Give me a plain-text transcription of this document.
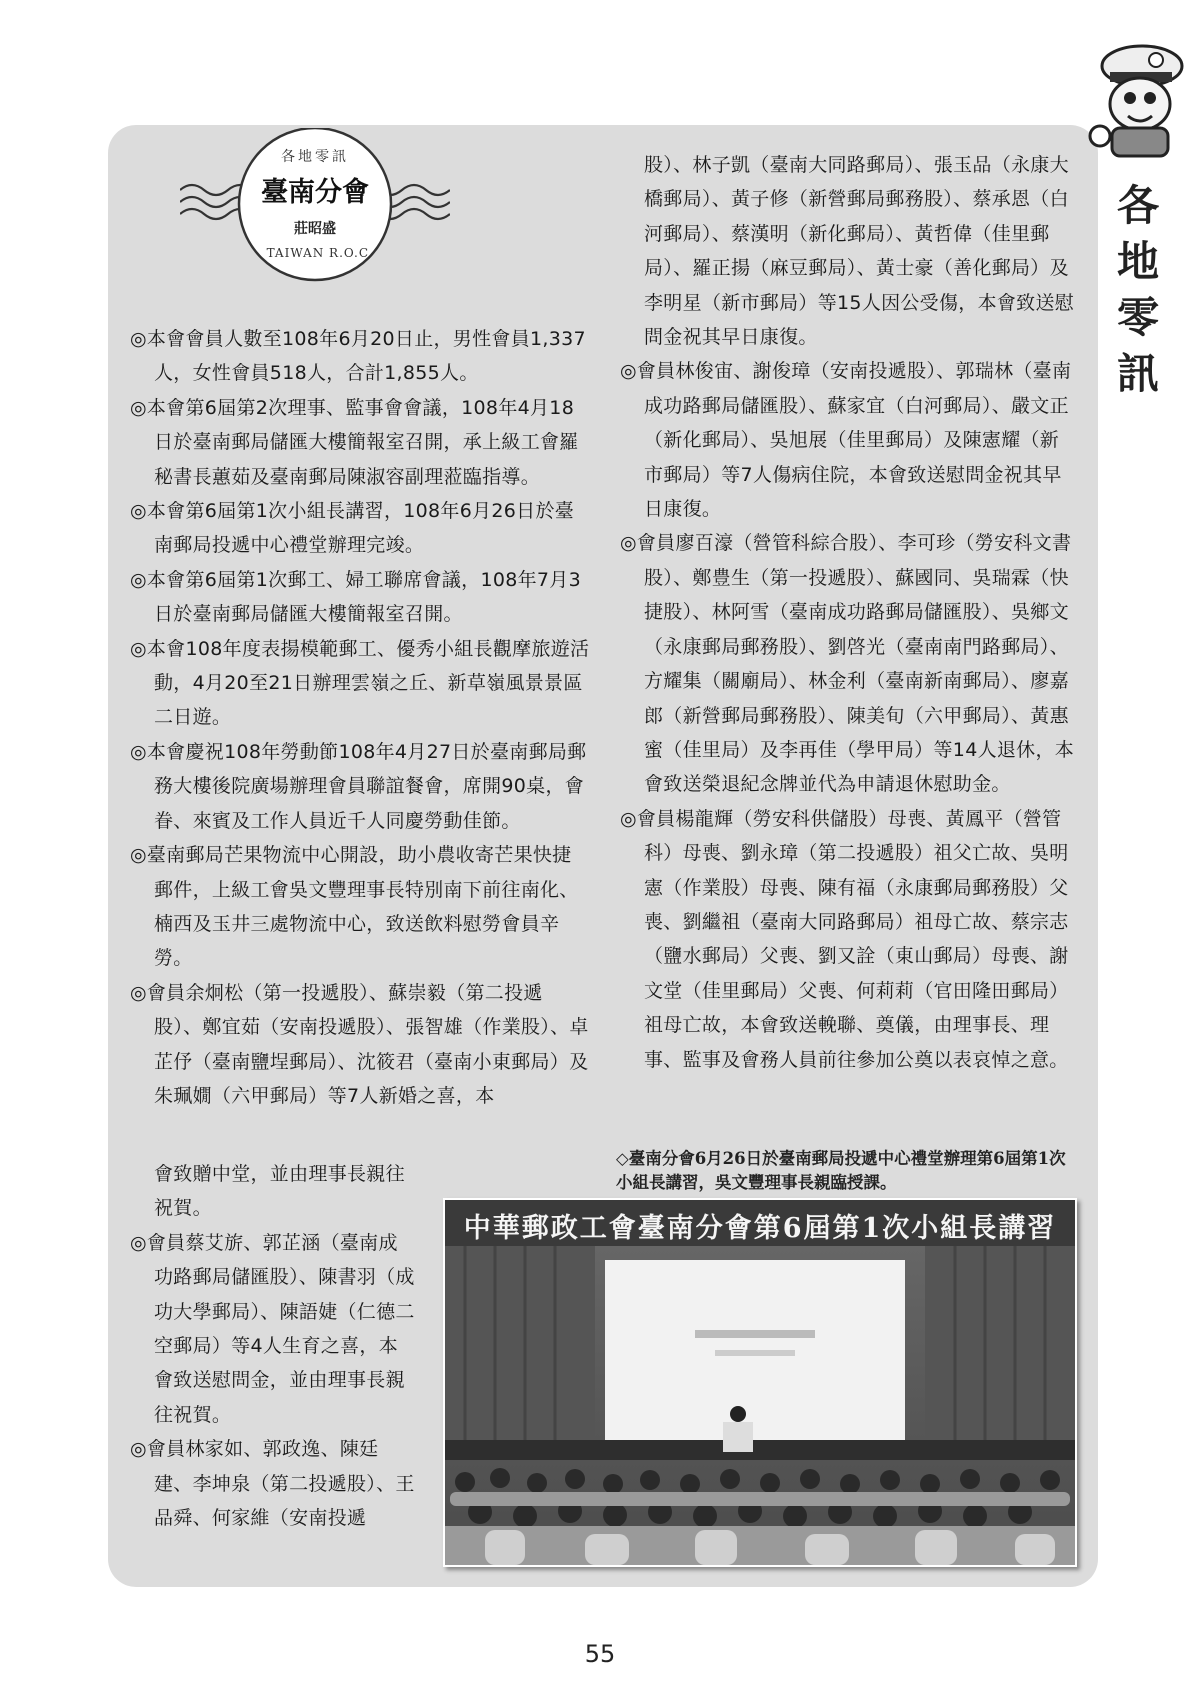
各
地
零
訊
各地零訊
臺南分會
莊昭盛
TAIWAN R.O.C.

◎本會會員人數至108年6月20日止，男性會員1,337人，女性會員518人，合計1,855人。

◎本會第6屆第2次理事、監事會會議，108年4月18日於臺南郵局儲匯大樓簡報室召開，承上級工會羅秘書長蕙茹及臺南郵局陳淑容副理蒞臨指導。

◎本會第6屆第1次小組長講習，108年6月26日於臺南郵局投遞中心禮堂辦理完竣。

◎本會第6屆第1次郵工、婦工聯席會議，108年7月3日於臺南郵局儲匯大樓簡報室召開。

◎本會108年度表揚模範郵工、優秀小組長觀摩旅遊活動，4月20至21日辦理雲嶺之丘、新草嶺風景景區二日遊。

◎本會慶祝108年勞動節108年4月27日於臺南郵局郵務大樓後院廣場辦理會員聯誼餐會，席開90桌，會眷、來賓及工作人員近千人同慶勞動佳節。

◎臺南郵局芒果物流中心開設，助小農收寄芒果快捷郵件，上級工會吳文豐理事長特別南下前往南化、楠西及玉井三處物流中心，致送飲料慰勞會員辛勞。

◎會員余炯松（第一投遞股）、蘇崇毅（第二投遞股）、鄭宜茹（安南投遞股）、張智雄（作業股）、卓芷伃（臺南鹽埕郵局）、沈筱君（臺南小東郵局）及朱珮嫺（六甲郵局）等7人新婚之喜，本

會致贈中堂，並由理事長親往祝賀。

◎會員蔡艾旂、郭芷涵（臺南成功路郵局儲匯股）、陳書羽（成功大學郵局）、陳語婕（仁德二空郵局）等4人生育之喜，本會致送慰問金，並由理事長親往祝賀。

◎會員林家如、郭政逸、陳廷建、李坤泉（第二投遞股）、王品舜、何家維（安南投遞

股）、林子凱（臺南大同路郵局）、張玉品（永康大橋郵局）、黃子修（新營郵局郵務股）、蔡承恩（白河郵局）、蔡漢明（新化郵局）、黃哲偉（佳里郵局）、羅正揚（麻豆郵局）、黃士豪（善化郵局）及李明星（新市郵局）等15人因公受傷，本會致送慰問金祝其早日康復。

◎會員林俊宙、謝俊璋（安南投遞股）、郭瑞林（臺南成功路郵局儲匯股）、蘇家宜（白河郵局）、嚴文正（新化郵局）、吳旭展（佳里郵局）及陳憲耀（新市郵局）等7人傷病住院，本會致送慰問金祝其早日康復。

◎會員廖百濠（營管科綜合股）、李可珍（勞安科文書股）、鄭豊生（第一投遞股）、蘇國同、吳瑞霖（快捷股）、林阿雪（臺南成功路郵局儲匯股）、吳鄉文（永康郵局郵務股）、劉啓光（臺南南門路郵局）、方耀集（關廟局）、林金利（臺南新南郵局）、廖嘉郎（新營郵局郵務股）、陳美旬（六甲郵局）、黃惠蜜（佳里局）及李再佳（學甲局）等14人退休，本會致送榮退紀念牌並代為申請退休慰助金。

◎會員楊龍輝（勞安科供儲股）母喪、黃鳳平（營管科）母喪、劉永璋（第二投遞股）祖父亡故、吳明憲（作業股）母喪、陳有福（永康郵局郵務股）父喪、劉繼祖（臺南大同路郵局）祖母亡故、蔡宗志（鹽水郵局）父喪、劉又詮（東山郵局）母喪、謝文堂（佳里郵局）父喪、何莉莉（官田隆田郵局）祖母亡故，本會致送輓聯、奠儀，由理事長、理事、監事及會務人員前往參加公奠以表哀悼之意。

◇臺南分會6月26日於臺南郵局投遞中心禮堂辦理第6屆第1次小組長講習，吳文豐理事長親臨授課。
中華郵政工會臺南分會第6屆第1次小組長講習
55
